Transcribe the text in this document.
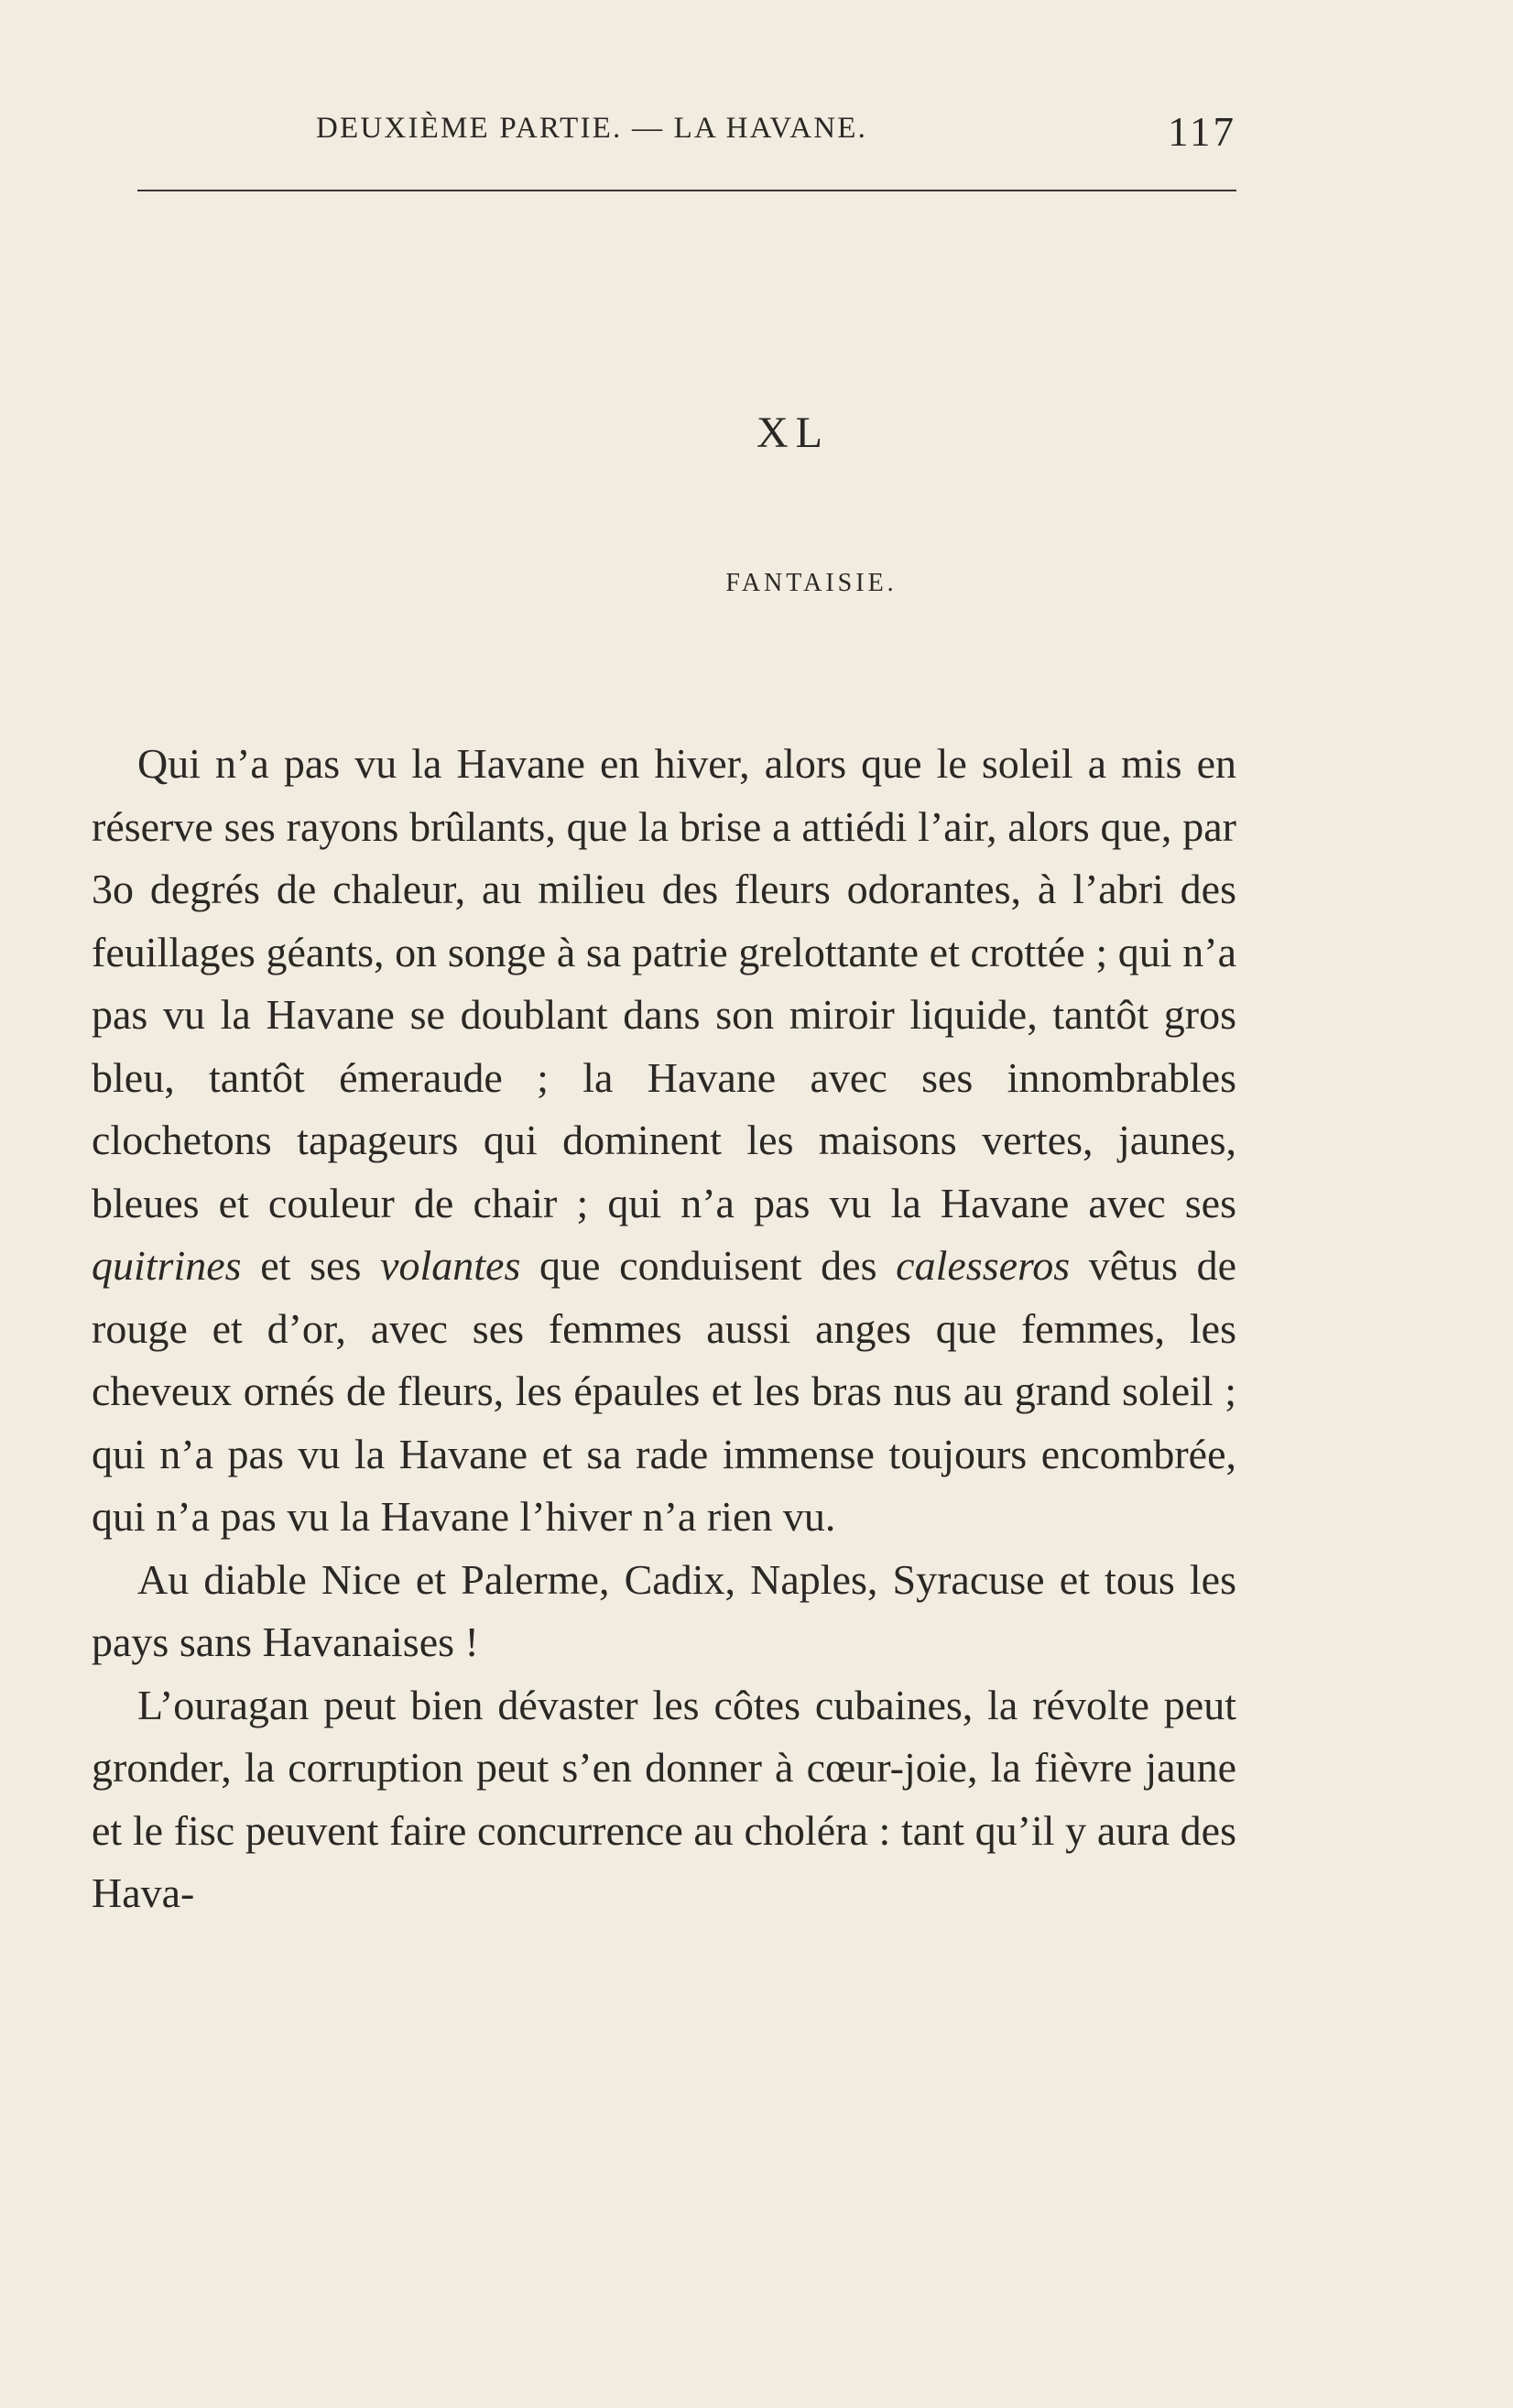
DEUXIÈME PARTIE. — LA HAVANE.	117
XL
FANTAISIE.

Qui n’a pas vu la Havane en hiver, alors que le soleil a mis en réserve ses rayons brûlants, que la brise a attiédi l’air, alors que, par 3o degrés de chaleur, au milieu des fleurs odorantes, à l’abri des feuillages géants, on songe à sa patrie grelottante et crottée ; qui n’a pas vu la Havane se doublant dans son miroir liquide, tantôt gros bleu, tantôt émeraude ; la Havane avec ses innombrables clochetons tapageurs qui dominent les maisons vertes, jaunes, bleues et couleur de chair ; qui n’a pas vu la Havane avec ses quitrines et ses volantes que conduisent des calesseros vêtus de rouge et d’or, avec ses femmes aussi anges que femmes, les cheveux ornés de fleurs, les épaules et les bras nus au grand soleil ; qui n’a pas vu la Havane et sa rade immense toujours encombrée, qui n’a pas vu la Havane l’hiver n’a rien vu.

Au diable Nice et Palerme, Cadix, Naples, Syracuse et tous les pays sans Havanaises !

L’ouragan peut bien dévaster les côtes cubaines, la révolte peut gronder, la corruption peut s’en donner à cœur-joie, la fièvre jaune et le fisc peuvent faire concurrence au choléra : tant qu’il y aura des Hava-
